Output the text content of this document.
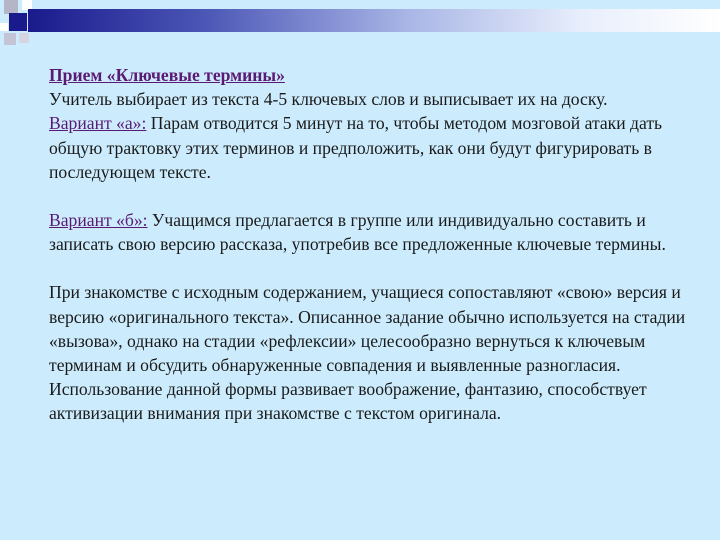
Прием «Ключевые термины»

Учитель выбирает из текста 4-5 ключевых слов и выписывает их на доску.

Вариант «а»: Парам отводится 5 минут на то, чтобы методом мозговой атаки дать общую трактовку этих терминов и предположить, как они будут фигурировать в последующем тексте.

Вариант «б»: Учащимся предлагается в группе или индивидуально составить и записать свою версию рассказа, употребив все предложенные ключевые термины.

При знакомстве с исходным содержанием, учащиеся сопоставляют «свою» версия и версию «оригинального текста». Описанное задание обычно используется на стадии «вызова», однако на стадии «рефлексии» целесообразно вернуться к ключевым терминам и обсудить обнаруженные совпадения и выявленные разногласия. Использование данной формы развивает воображение, фантазию, способствует активизации внимания при знакомстве с текстом оригинала.
